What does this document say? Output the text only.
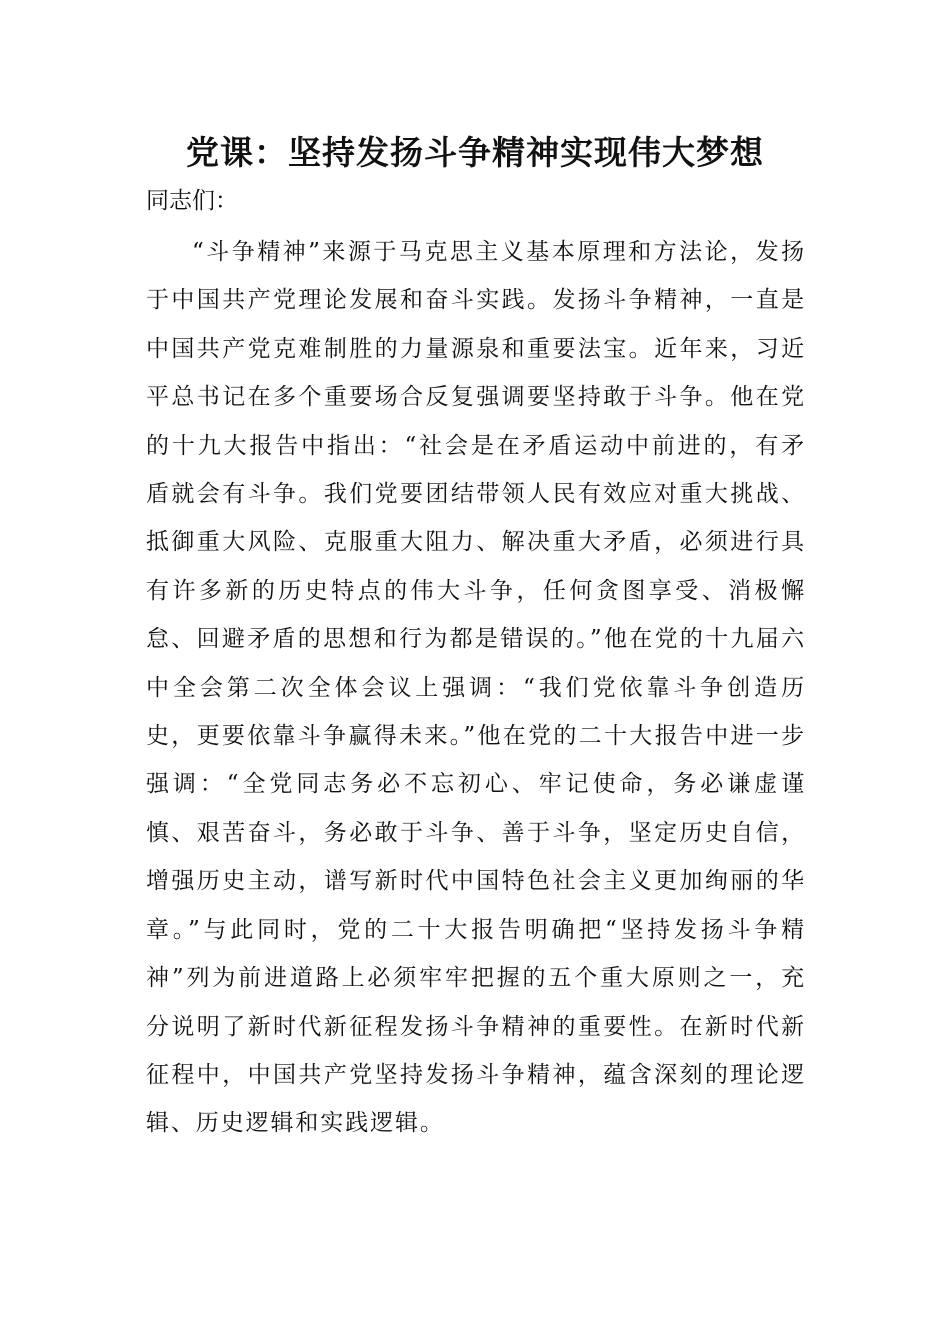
党课：坚持发扬斗争精神实现伟大梦想

同志们：

“斗争精神”来源于马克思主义基本原理和方法论，发扬于中国共产党理论发展和奋斗实践。发扬斗争精神，一直是中国共产党克难制胜的力量源泉和重要法宝。近年来，习近平总书记在多个重要场合反复强调要坚持敢于斗争。他在党的十九大报告中指出：“社会是在矛盾运动中前进的，有矛盾就会有斗争。我们党要团结带领人民有效应对重大挑战、抵御重大风险、克服重大阻力、解决重大矛盾，必须进行具有许多新的历史特点的伟大斗争，任何贪图享受、消极懈怠、回避矛盾的思想和行为都是错误的。”他在党的十九届六中全会第二次全体会议上强调：“我们党依靠斗争创造历史，更要依靠斗争赢得未来。”他在党的二十大报告中进一步强调：“全党同志务必不忘初心、牢记使命，务必谦虚谨慎、艰苦奋斗，务必敢于斗争、善于斗争，坚定历史自信，增强历史主动，谱写新时代中国特色社会主义更加绚丽的华章。”与此同时，党的二十大报告明确把“坚持发扬斗争精神”列为前进道路上必须牢牢把握的五个重大原则之一，充分说明了新时代新征程发扬斗争精神的重要性。在新时代新征程中，中国共产党坚持发扬斗争精神，蕴含深刻的理论逻辑、历史逻辑和实践逻辑。
